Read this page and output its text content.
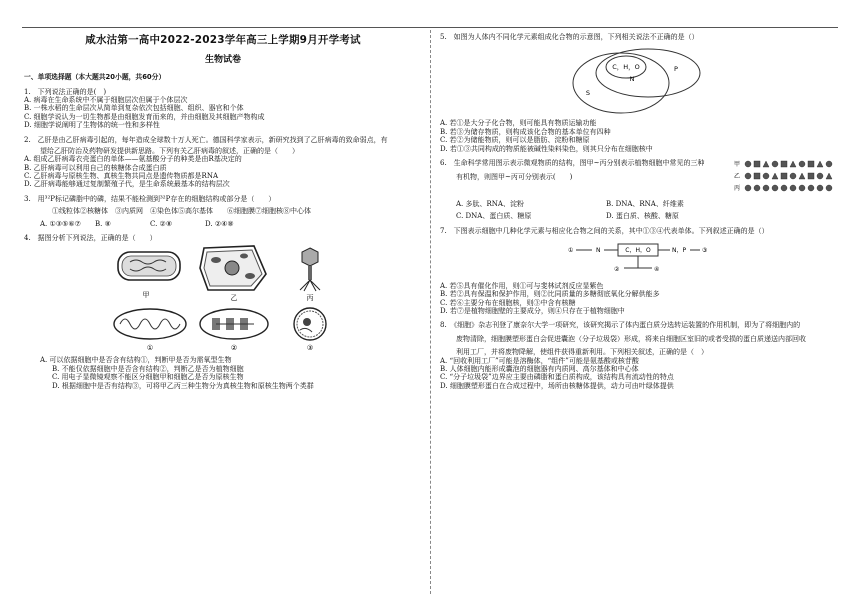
咸水沽第一高中2022-2023学年高三上学期9月开学考试
生物试卷
一、单项选择题（本大题共20小题，共60分）

1.　下列说法正确的是(　)

A. 病毒在生命系统中不属于细胞层次但属于个体层次

B. 一株水稻的生命层次从简单到复杂依次包括细胞、组织、器官和个体

C. 细胞学说认为一切生物都是由细胞发育而来的，并由细胞及其细胞产物构成

D. 细胞学说阐明了生物体的统一性和多样性

2.　乙肝是由乙肝病毒引起的，每年造成全球数十万人死亡。德国科学家表示，新研究找到了乙肝病毒的致命弱点，有

望给乙肝防治及药物研发提供新思路。下列有关乙肝病毒的叙述，正确的是（　　）

A. 组成乙肝病毒衣壳蛋白的单体——氨基酸分子的种类是由R基决定的

B. 乙肝病毒可以利用自己的核糖体合成蛋白质

C. 乙肝病毒与原核生物、真核生物共同点是遗传物质都是RNA

D. 乙肝病毒能够通过复制繁殖子代，是生命系统最基本的结构层次

3.　用³²P标记磷脂中的磷，结果不能检测到³²P存在的细胞结构或部分是（　　）

①线粒体②核糖体　③内质网　④染色体⑤高尔基体　　⑥细胞膜⑦细胞核⑧中心体

A. ①③⑤⑥⑦	B. ⑧	C. ②⑧	D. ②④⑧

4.　据图分析下列说法，正确的是（　　）

甲	乙	丙
①	②	③

A. 可以依据细胞中是否含有结构①，判断甲是否为需氧型生物

B. 不能仅依据细胞中是否含有结构②，判断乙是否为植物细胞

C. 用电子显微镜观察不能区分细胞甲和细胞乙是否为原核生物

D. 根据细胞中是否有结构③，可将甲乙丙三种生物分为真核生物和原核生物两个类群

5.　如图为人体内不同化学元素组成化合物的示意图，下列相关说法不正确的是（）

C，H，O
N
P
S

A. 若①是大分子化合物，则可能具有物质运输功能

B. 若③为储存物质，则构成该化合物的基本单位有四种

C. 若②为储能物质，则可以是脂肪、淀粉和糖原

D. 若①③共同构成的物质能被碱性染料染色，则其只分布在细胞核中

6.　生命科学常用图示表示微观物质的结构，图甲~丙分别表示植物细胞中常见的三种

有机物，则图甲~丙可分别表示(　　)

甲
乙
丙
A. 多肽、RNA、淀粉	B. DNA、RNA、纤维素
C. DNA、蛋白质、糖原	D. 蛋白质、核酸、糖原

7.　下图表示细胞中几种化学元素与相应化合物之间的关系，其中①③④代表单体。下列叙述正确的是（）

①	N	C，H，O	N，P	③
②	④

A. 若⑤具有催化作用，则①可与斐林试剂反应显紫色

B. 若②具有保温和保护作用，则②比同质量的多糖彻底氧化分解供能多

C. 若⑥主要分布在细胞核，则③中含有核糖

D. 若⑦是植物细胞壁的主要成分，则④只存在于植物细胞中

8.　《细胞》杂志刊登了康奈尔大学一项研究，该研究揭示了体内蛋白质分选转运装置的作用机制，即为了将细胞内的

废物清除，细胞膜塑形蛋白会促进囊泡（分子垃圾袋）形成，将来自细胞区室旧的或者受损的蛋白质递送内部回收

利用工厂，并将废物降解，使组件获得重新利用。下列相关叙述，正确的是（　）

A. “回收利用工厂”可能是溶酶体，“组件”可能是氨基酸或核苷酸

B. 人体细胞内能形成囊泡的细胞器有内质网、高尔基体和中心体

C. “分子垃圾袋”边界应主要由磷脂和蛋白质构成，该结构具有流动性的特点

D. 细胞膜塑形蛋白在合成过程中，场所由核糖体提供，动力可由叶绿体提供
